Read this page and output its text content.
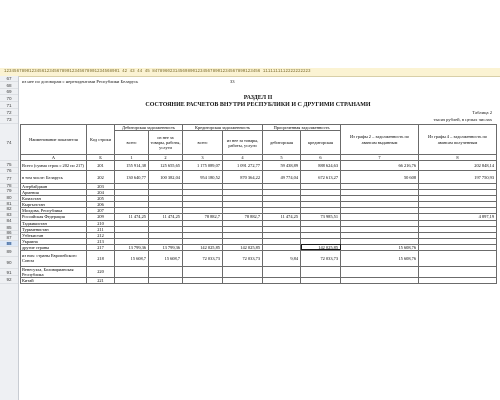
1234567890123456123456789012345678901234568901 42 43 44 45 8478960231456989012345678901234567890123456 1111111112222222223
67
68
69
70
71
72
73
74
75
76
77
78
79
80
81
82
83
84
85
86
87
88
89
90
91
92
из нее по договорам с нерезидентами Республики Беларусь	33
РАЗДЕЛ II
СОСТОЯНИЕ РАСЧЕТОВ ВНУТРИ РЕСПУБЛИКИ И С ДРУГИМИ СТРАНАМИ
Таблица 2
тысяч рублей, в целых числах
Наименование показателя	Код строки	Дебиторская задолженность		Кредиторская задолженность		Просроченная задолженность		Из графы 2 – задолженность по авансам выданным	Из графы 4 – задолженность по авансам полученным
		всего	из нее за товары, работы, услуги	всего	из нее за товары, работы, услуги	дебиторская	кредиторская		
А	Б	1	2	3	4	5	6	7	8
Всего (сумма строк с 202 по 217)	201	155 914,38	125 655,65	1 175 089,07	1 091 272,77	59 438,89	888 624,63	66 216,76	202 848,14
в том числе: Беларусь	202	130 640,77	100 382,04	954 180,52	870 364,22	49 774,04	672 613,27	50 608	197 750,93
Азербайджан	203								
Армения	204								
Казахстан	205								
Кыргызстан	206								
Молдова, Республика	207								
Российская Федерация	209	11 474,25	11 474,25	78 882,7	78 882,7	11 474,25	73 985,51		4 897,19
Таджикистан	210								
Туркменистан	211								
Узбекистан	212								
Украина	213								
другие страны	217	13 799,36	13 799,36	142 025,85	142 025,85		142 025,85	15 608,76	
из них: страны Европейского Союза	218	15 608,7	15 608,7	72 033,73	72 033,73	9,84	72 033,73	15 608,76	
Венесуэла, Боливарианская Республика	220								
Китай	221								
